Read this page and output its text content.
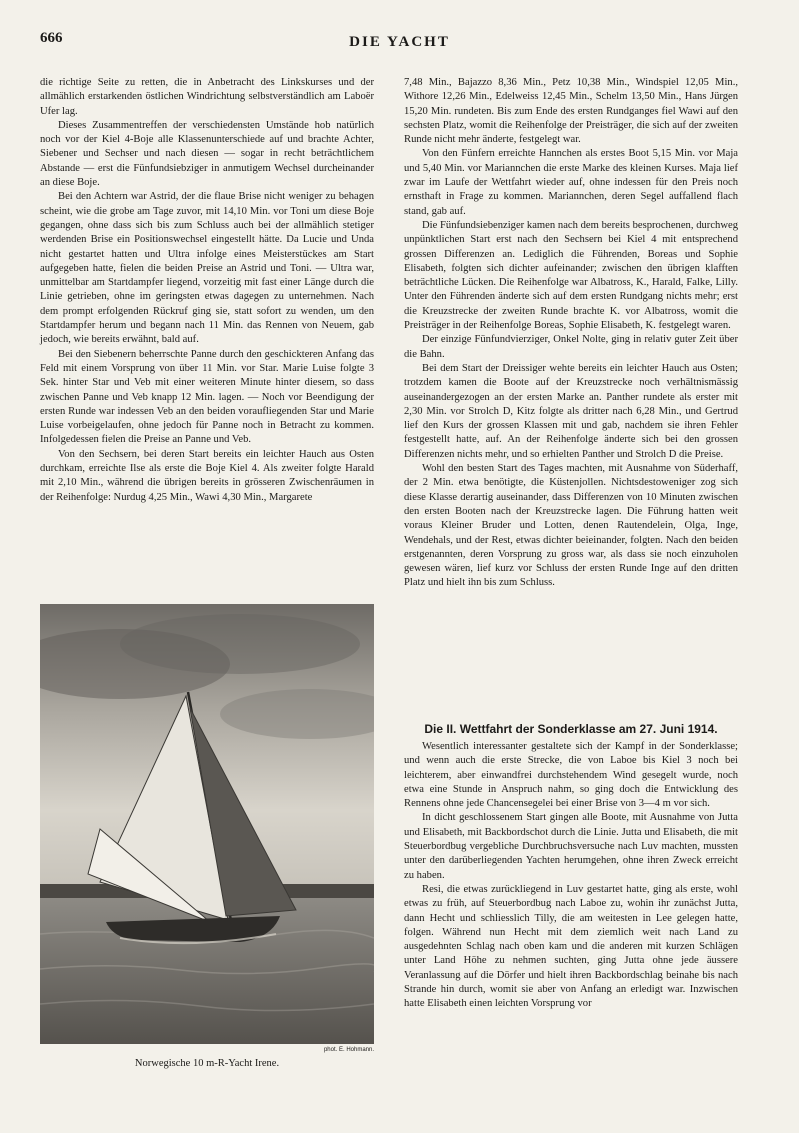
666	DIE YACHT

die richtige Seite zu retten, die in Anbetracht des Linkskurses und der allmählich erstarkenden östlichen Windrichtung selbstverständlich am Laboër Ufer lag.

Dieses Zusammentreffen der verschiedensten Umstände hob natürlich noch vor der Kiel 4-Boje alle Klassenunterschiede auf und brachte Achter, Siebener und Sechser und nach diesen — sogar in recht beträchtlichem Abstande — erst die Fünfundsiebziger in anmutigem Wechsel durcheinander an diese Boje.

Bei den Achtern war Astrid, der die flaue Brise nicht weniger zu behagen scheint, wie die grobe am Tage zuvor, mit 14,10 Min. vor Toni um diese Boje gegangen, ohne dass sich bis zum Schluss auch bei der allmählich stetiger werdenden Brise ein Positionswechsel eingestellt hätte. Da Lucie und Unda nicht gestartet hatten und Ultra infolge eines Meisterstückes am Start aufgegeben hatte, fielen die beiden Preise an Astrid und Toni. — Ultra war, unmittelbar am Startdampfer liegend, vorzeitig mit fast einer Länge durch die Linie getrieben, ohne im geringsten etwas dagegen zu unternehmen. Nach dem prompt erfolgenden Rückruf ging sie, statt sofort zu wenden, um den Startdampfer herum und begann nach 11 Min. das Rennen von Neuem, gab jedoch, wie bereits erwähnt, bald auf.

Bei den Siebenern beherrschte Panne durch den geschickteren Anfang das Feld mit einem Vorsprung von über 11 Min. vor Star. Marie Luise folgte 3 Sek. hinter Star und Veb mit einer weiteren Minute hinter diesem, so dass zwischen Panne und Veb knapp 12 Min. lagen. — Noch vor Beendigung der ersten Runde war indessen Veb an den beiden voraufliegenden Star und Marie Luise vorbeigelaufen, ohne jedoch für Panne noch in Betracht zu kommen. Infolgedessen fielen die Preise an Panne und Veb.

Von den Sechsern, bei deren Start bereits ein leichter Hauch aus Osten durchkam, erreichte Ilse als erste die Boje Kiel 4. Als zweiter folgte Harald mit 2,10 Min., während die übrigen bereits in grösseren Zwischenräumen in der Reihenfolge: Nurdug 4,25 Min., Wawi 4,30 Min., Margarete

phot. E. Hohmann.
Norwegische 10 m-R-Yacht Irene.

7,48 Min., Bajazzo 8,36 Min., Petz 10,38 Min., Windspiel 12,05 Min., Withore 12,26 Min., Edelweiss 12,45 Min., Schelm 13,50 Min., Hans Jürgen 15,20 Min. rundeten. Bis zum Ende des ersten Rundganges fiel Wawi auf den sechsten Platz, womit die Reihenfolge der Preisträger, die sich auf der zweiten Runde nicht mehr änderte, festgelegt war.

Von den Fünfern erreichte Hannchen als erstes Boot 5,15 Min. vor Maja und 5,40 Min. vor Mariannchen die erste Marke des kleinen Kurses. Maja lief zwar im Laufe der Wettfahrt wieder auf, ohne indessen für den Preis noch ernsthaft in Frage zu kommen. Mariannchen, deren Segel auffallend flach stand, gab auf.

Die Fünfundsiebenziger kamen nach dem bereits besprochenen, durchweg unpünktlichen Start erst nach den Sechsern bei Kiel 4 mit entsprechend grossen Differenzen an. Lediglich die Führenden, Boreas und Sophie Elisabeth, folgten sich dichter aufeinander; zwischen den übrigen klafften beträchtliche Lücken. Die Reihenfolge war Albatross, K., Harald, Falke, Lilly. Unter den Führenden änderte sich auf dem ersten Rundgang nichts mehr; erst die Kreuzstrecke der zweiten Runde brachte K. vor Albatross, womit die Preisträger in der Reihenfolge Boreas, Sophie Elisabeth, K. festgelegt waren.

Der einzige Fünfundvierziger, Onkel Nolte, ging in relativ guter Zeit über die Bahn.

Bei dem Start der Dreissiger wehte bereits ein leichter Hauch aus Osten; trotzdem kamen die Boote auf der Kreuzstrecke noch verhältnismässig auseinandergezogen an der ersten Marke an. Panther rundete als erster mit 2,30 Min. vor Strolch D, Kitz folgte als dritter nach 6,28 Min., und Gertrud lief den Kurs der grossen Klassen mit und gab, nachdem sie ihren Fehler festgestellt hatte, auf. An der Reihenfolge änderte sich bei den grossen Differenzen nichts mehr, und so erhielten Panther und Strolch D die Preise.

Wohl den besten Start des Tages machten, mit Ausnahme von Süderhaff, der 2 Min. etwa benötigte, die Küstenjollen. Nichtsdestoweniger zog sich diese Klasse derartig auseinander, dass Differenzen von 10 Minuten zwischen den ersten Booten nach der Kreuzstrecke lagen. Die Führung hatten weit voraus Kleiner Bruder und Lotten, denen Rautendelein, Olga, Inge, Wendehals, und der Rest, etwas dichter beieinander, folgten. Nach den beiden erstgenannten, deren Vorsprung zu gross war, als dass sie noch einzuholen gewesen wären, lief kurz vor Schluss der ersten Runde Inge auf den dritten Platz und hielt ihn bis zum Schluss.

Die II. Wettfahrt der Sonderklasse am 27. Juni 1914.

Wesentlich interessanter gestaltete sich der Kampf in der Sonderklasse; und wenn auch die erste Strecke, die von Laboe bis Kiel 3 noch bei leichterem, aber einwandfrei durchstehendem Wind gesegelt wurde, noch etwa eine Stunde in Anspruch nahm, so ging doch die Entwicklung des Rennens ohne jede Chancensegelei bei einer Brise von 3—4 m vor sich.

In dicht geschlossenem Start gingen alle Boote, mit Ausnahme von Jutta und Elisabeth, mit Backbordschot durch die Linie. Jutta und Elisabeth, die mit Steuerbordbug vergebliche Durchbruchsversuche nach Luv machten, mussten unter den darüberliegenden Yachten herumgehen, ohne ihren Zweck erreicht zu haben.

Resi, die etwas zurückliegend in Luv gestartet hatte, ging als erste, wohl etwas zu früh, auf Steuerbordbug nach Laboe zu, wohin ihr zunächst Jutta, dann Hecht und schliesslich Tilly, die am weitesten in Lee gelegen hatte, folgen. Während nun Hecht mit dem ziemlich weit nach Land zu ausgedehnten Schlag nach oben kam und die anderen mit kurzen Schlägen unter Land Höhe zu nehmen suchten, ging Jutta ohne jede äussere Veranlassung auf die Dörfer und hielt ihren Backbordschlag beinahe bis nach Strande hin durch, womit sie aber von Anfang an erledigt war. Inzwischen hatte Elisabeth einen leichten Vorsprung vor
